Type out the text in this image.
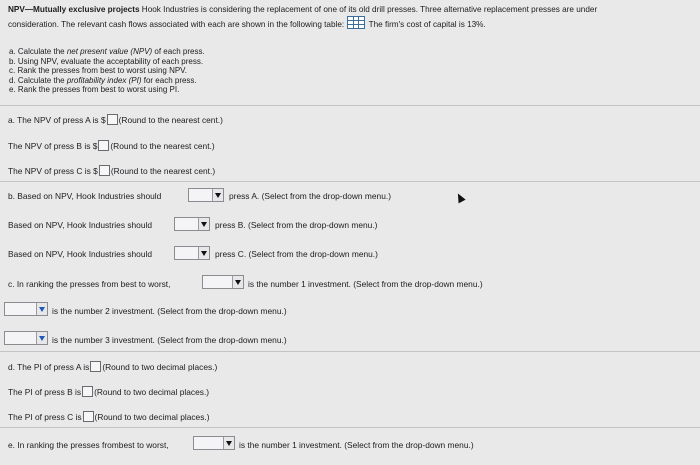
NPV—Mutually exclusive projects Hook Industries is considering the replacement of one of its old drill presses. Three alternative replacement presses are under
consideration. The relevant cash flows associated with each are shown in the following table:	The firm's cost of capital is 13%.
a. Calculate the net present value (NPV) of each press.
b. Using NPV, evaluate the acceptability of each press.
c. Rank the presses from best to worst using NPV.
d. Calculate the profitability index (PI) for each press.
e. Rank the presses from best to worst using PI.
a. The NPV of press A is $ (Round to the nearest cent.)
The NPV of press B is $ (Round to the nearest cent.)
The NPV of press C is $ (Round to the nearest cent.)
b. Based on NPV, Hook Industries should	press A. (Select from the drop-down menu.)
Based on NPV, Hook Industries should	press B. (Select from the drop-down menu.)
Based on NPV, Hook Industries should	press C. (Select from the drop-down menu.)
c. In ranking the presses from best to worst,	is the number 1 investment. (Select from the drop-down menu.)
is the number 2 investment. (Select from the drop-down menu.)
is the number 3 investment. (Select from the drop-down menu.)
d. The PI of press A is (Round to two decimal places.)
The PI of press B is (Round to two decimal places.)
The PI of press C is (Round to two decimal places.)
e. In ranking the presses frombest to worst,	is the number 1 investment. (Select from the drop-down menu.)
